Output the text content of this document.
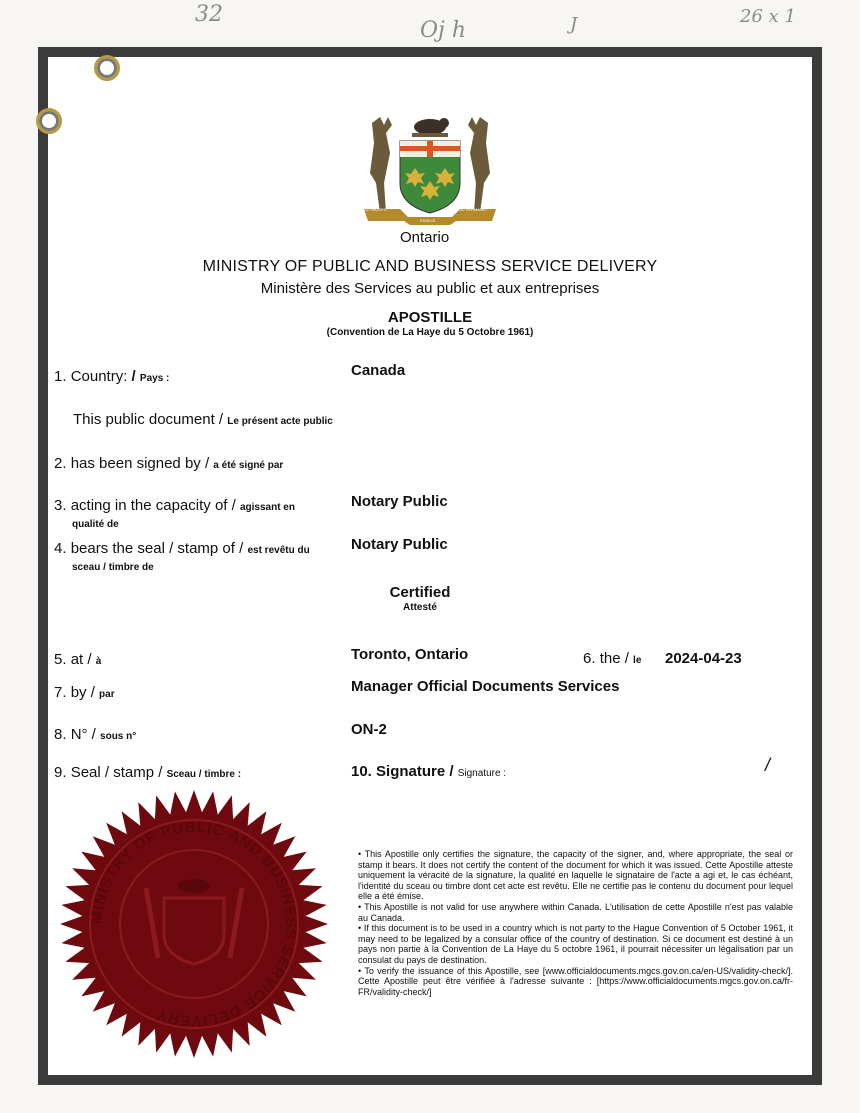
32
Oj h	J	26 x 1
UT INCEPIT
FIDELIS
SIC PERMANET
Ontario
MINISTRY OF PUBLIC AND BUSINESS SERVICE DELIVERY
Ministère des Services au public et aux entreprises
APOSTILLE
(Convention de La Haye du 5 Octobre 1961)
1. Country: / Pays :	Canada
This public document / Le présent acte public
2. has been signed by / a été signé par
3. acting in the capacity of / agissant en
qualité de
Notary Public
4. bears the seal / stamp of / est revêtu du
sceau / timbre de
Notary Public
Certified
Attesté
5. at / à	Toronto, Ontario	6. the / le 2024-04-23
7. by / par	Manager Official Documents Services
8. N° / sous n°	ON-2
9. Seal / stamp / Sceau / timbre :	10. Signature / Signature :	/
MINISTRY OF PUBLIC AND BUSINESS SERVICE DELIVERY

• This Apostille only certifies the signature, the capacity of the signer, and, where appropriate, the seal or stamp it bears. It does not certify the content of the document for which it was issued. Cette Apostille atteste uniquement la véracité de la signature, la qualité en laquelle le signataire de l'acte a agi et, le cas échéant, l'identité du sceau ou timbre dont cet acte est revêtu. Elle ne certifie pas le contenu du document pour lequel elle a été émise.

• This Apostille is not valid for use anywhere within Canada. L'utilisation de cette Apostille n'est pas valable au Canada.

• If this document is to be used in a country which is not party to the Hague Convention of 5 October 1961, it may need to be legalized by a consular office of the country of destination. Si ce document est destiné à un pays non partie à la Convention de La Haye du 5 octobre 1961, il pourrait nécessiter un légalisation par un consulat du pays de destination.

• To verify the issuance of this Apostille, see [www.officialdocuments.mgcs.gov.on.ca/en-US/validity-check/]. Cette Apostille peut être vérifiée à l'adresse suivante : [https://www.officialdocuments.mgcs.gov.on.ca/fr-FR/validity-check/]
